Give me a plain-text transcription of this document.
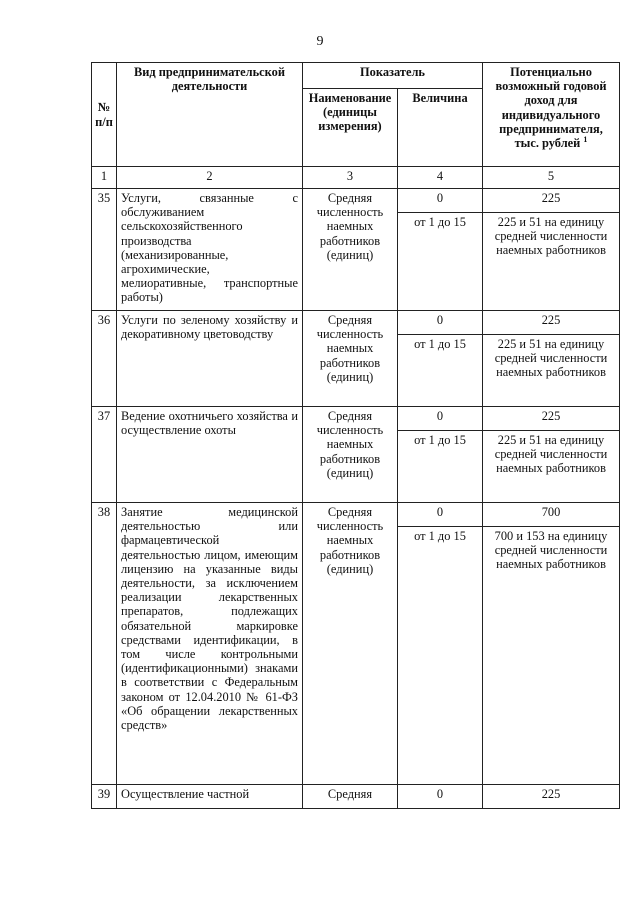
9
№ п/п	Вид предпринимательской деятельности	Показатель		Потенциально возможный годовой доход для индивидуального предпринимателя, тыс. рублей $^1$
		Наименование (единицы измерения)	Величина	
1	2	3	4	5
35	Услуги, связанные с обслуживанием сельскохозяйственного производства (механизированные, агрохимические, мелиоративные, транспортные работы)	Средняя численность наемных работников (единиц)	0	225
			от 1 до 15	225 и 51 на единицу средней численности наемных работников
36	Услуги по зеленому хозяйству и декоративному цветоводству	Средняя численность наемных работников (единиц)	0	225
			от 1 до 15	225 и 51 на единицу средней численности наемных работников
37	Ведение охотничьего хозяйства и осуществление охоты	Средняя численность наемных работников (единиц)	0	225
			от 1 до 15	225 и 51 на единицу средней численности наемных работников
38	Занятие медицинской деятельностью или фармацевтической деятельностью лицом, имеющим лицензию на указанные виды деятельности, за исключением реализации лекарственных препаратов, подлежащих обязательной маркировке средствами идентификации, в том числе контрольными (идентификационными) знаками в соответствии с Федеральным законом от 12.04.2010 № 61-ФЗ «Об обращении лекарственных средств»	Средняя численность наемных работников (единиц)	0	700
			от 1 до 15	700 и 153 на единицу средней численности наемных работников
39	Осуществление частной	Средняя	0	225
